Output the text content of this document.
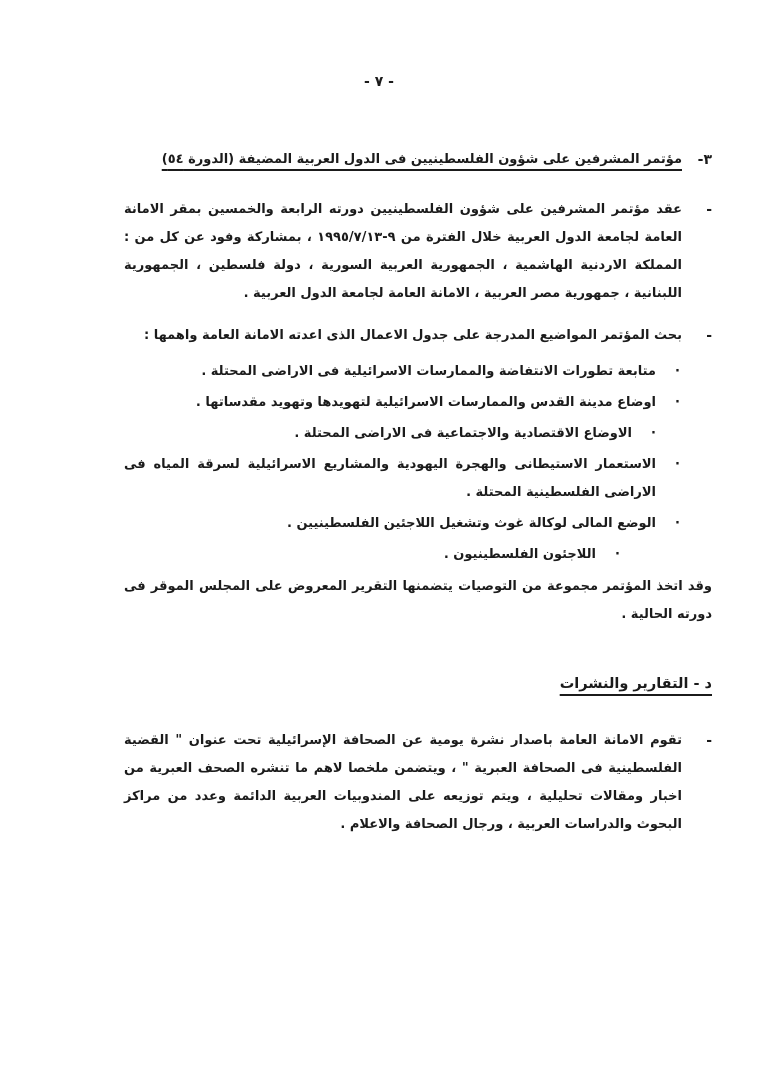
- ٧ -
٣-
مؤتمر المشرفين على شؤون الفلسطينيين فى الدول العربية المضيفة (الدورة ٥٤)
-

عقد مؤتمر المشرفين على شؤون الفلسطينيين دورته الرابعة والخمسين بمقر الامانة العامة لجامعة الدول العربية خلال الفترة من ٩-١٩٩٥/٧/١٣ ، بمشاركة وفود عن كل من : المملكة الاردنية الهاشمية ، الجمهورية العربية السورية ، دولة فلسطين ، الجمهورية اللبنانية ، جمهورية مصر العربية ، الامانة العامة لجامعة الدول العربية .

-

بحث المؤتمر المواضيع المدرجة على جدول الاعمال الذى اعدته الامانة العامة واهمها :

·

متابعة تطورات الانتفاضة والممارسات الاسرائيلية فى الاراضى المحتلة .

·

اوضاع مدينة القدس والممارسات الاسرائيلية لتهويدها وتهويد مقدساتها .

·

الاوضاع الاقتصادية والاجتماعية فى الاراضى المحتلة .

·

الاستعمار الاستيطانى والهجرة اليهودية والمشاريع الاسرائيلية لسرقة المياه فى الاراضى الفلسطينية المحتلة .

·

الوضع المالى لوكالة غوث وتشغيل اللاجئين الفلسطينيين .

·

اللاجئون الفلسطينيون .

وقد اتخذ المؤتمر مجموعة من التوصيات يتضمنها التقرير المعروض على المجلس الموقر فى دورته الحالية .

د - التقارير والنشرات
-

تقوم الامانة العامة باصدار نشرة يومية عن الصحافة الإسرائيلية تحت عنوان " القضية الفلسطينية فى الصحافة العبرية " ، ويتضمن ملخصا لاهم ما تنشره الصحف العبرية من اخبار ومقالات تحليلية ، ويتم توزيعه على المندوبيات العربية الدائمة وعدد من مراكز البحوث والدراسات العربية ، ورجال الصحافة والاعلام .
